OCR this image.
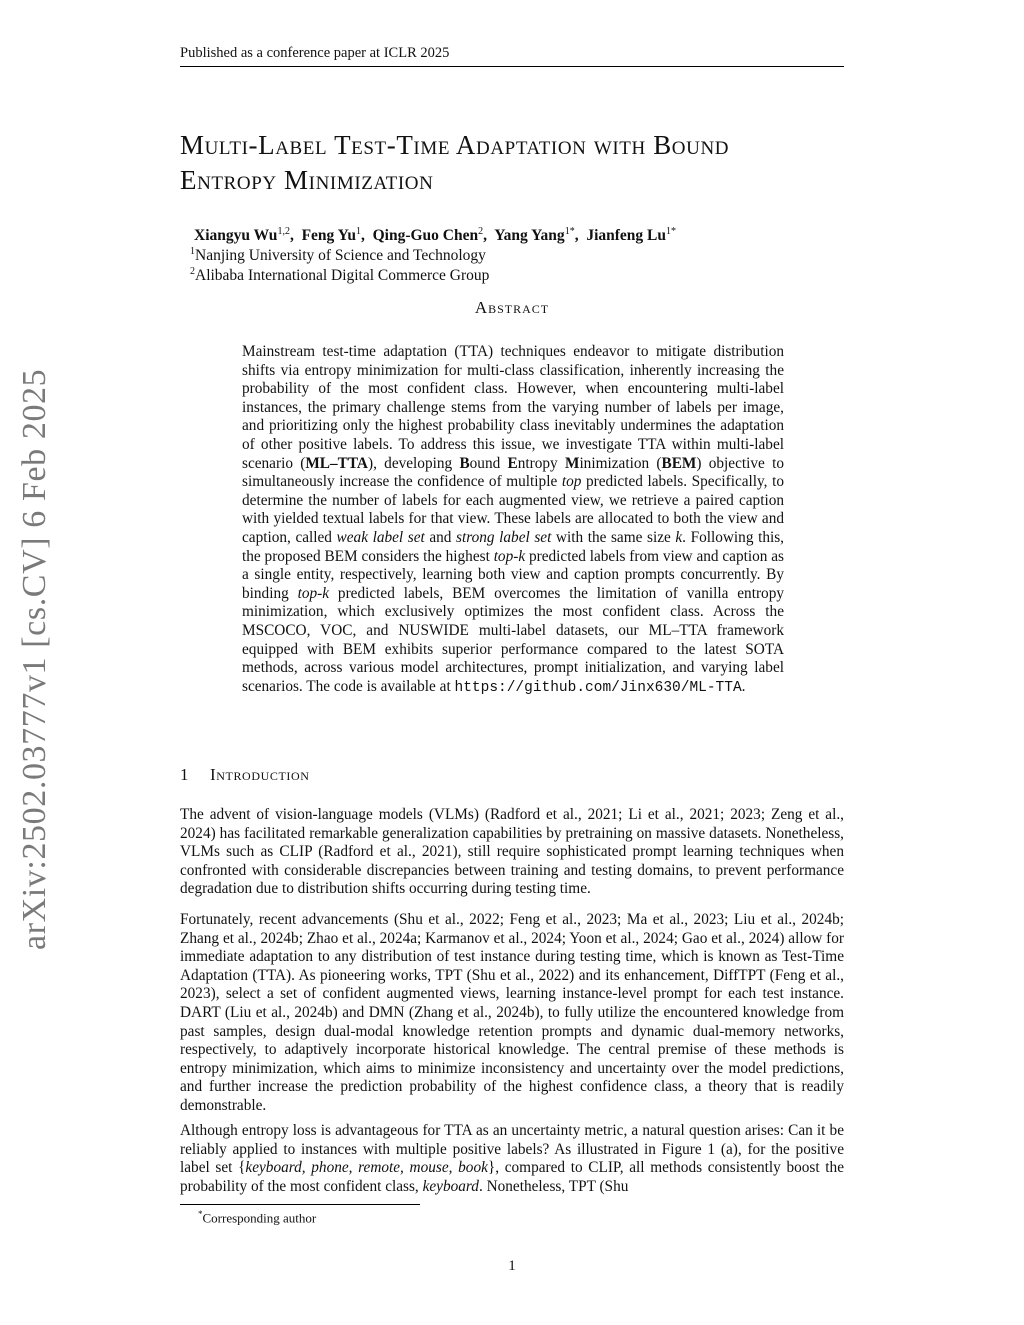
Published as a conference paper at ICLR 2025
arXiv:2502.03777v1 [cs.CV] 6 Feb 2025
Multi-Label Test-Time Adaptation with Bound
Entropy Minimization
Xiangyu Wu$^{1,2}$,  Feng Yu$^1$,  Qing-Guo Chen$^2$,  Yang Yang$^{1*}$,  Jianfeng $Lu^{1*}$
$^1$Nanjing University of Science and Technology
$^2$Alibaba International Digital Commerce Group
Abstract
Mainstream test-time adaptation (TTA) techniques endeavor to mitigate distribution shifts via entropy minimization for multi-class classification, inherently increasing the probability of the most confident class. However, when encountering multi-label instances, the primary challenge stems from the varying number of labels per image, and prioritizing only the highest probability class inevitably undermines the adaptation of other positive labels. To address this issue, we investigate TTA within multi-label scenario (ML–TTA), developing Bound Entropy Minimization (BEM) objective to simultaneously increase the confidence of multiple top predicted labels. Specifically, to determine the number of labels for each augmented view, we retrieve a paired caption with yielded textual labels for that view. These labels are allocated to both the view and caption, called weak label set and strong label set with the same size k. Following this, the proposed BEM considers the highest top-k predicted labels from view and caption as a single entity, respectively, learning both view and caption prompts concurrently. By binding top-k predicted labels, BEM overcomes the limitation of vanilla entropy minimization, which exclusively optimizes the most confident class. Across the MSCOCO, VOC, and NUSWIDE multi-label datasets, our ML–TTA framework equipped with BEM exhibits superior performance compared to the latest SOTA methods, across various model architectures, prompt initialization, and varying label scenarios. The code is available at https://github.com/Jinx630/ML-TTA.
1 Introduction
The advent of vision-language models (VLMs) (Radford et al., 2021; Li et al., 2021; 2023; Zeng et al., 2024) has facilitated remarkable generalization capabilities by pretraining on massive datasets. Nonetheless, VLMs such as CLIP (Radford et al., 2021), still require sophisticated prompt learning techniques when confronted with considerable discrepancies between training and testing domains, to prevent performance degradation due to distribution shifts occurring during testing time.
Fortunately, recent advancements (Shu et al., 2022; Feng et al., 2023; Ma et al., 2023; Liu et al., 2024b; Zhang et al., 2024b; Zhao et al., 2024a; Karmanov et al., 2024; Yoon et al., 2024; Gao et al., 2024) allow for immediate adaptation to any distribution of test instance during testing time, which is known as Test-Time Adaptation (TTA). As pioneering works, TPT (Shu et al., 2022) and its enhancement, DiffTPT (Feng et al., 2023), select a set of confident augmented views, learning instance-level prompt for each test instance. DART (Liu et al., 2024b) and DMN (Zhang et al., 2024b), to fully utilize the encountered knowledge from past samples, design dual-modal knowledge retention prompts and dynamic dual-memory networks, respectively, to adaptively incorporate historical knowledge. The central premise of these methods is entropy minimization, which aims to minimize inconsistency and uncertainty over the model predictions, and further increase the prediction probability of the highest confidence class, a theory that is readily demonstrable.
Although entropy loss is advantageous for TTA as an uncertainty metric, a natural question arises: Can it be reliably applied to instances with multiple positive labels? As illustrated in Figure 1 (a), for the positive label set {keyboard, phone, remote, mouse, book}, compared to CLIP, all methods consistently boost the probability of the most confident class, keyboard. Nonetheless, TPT (Shu
*Corresponding author
1
